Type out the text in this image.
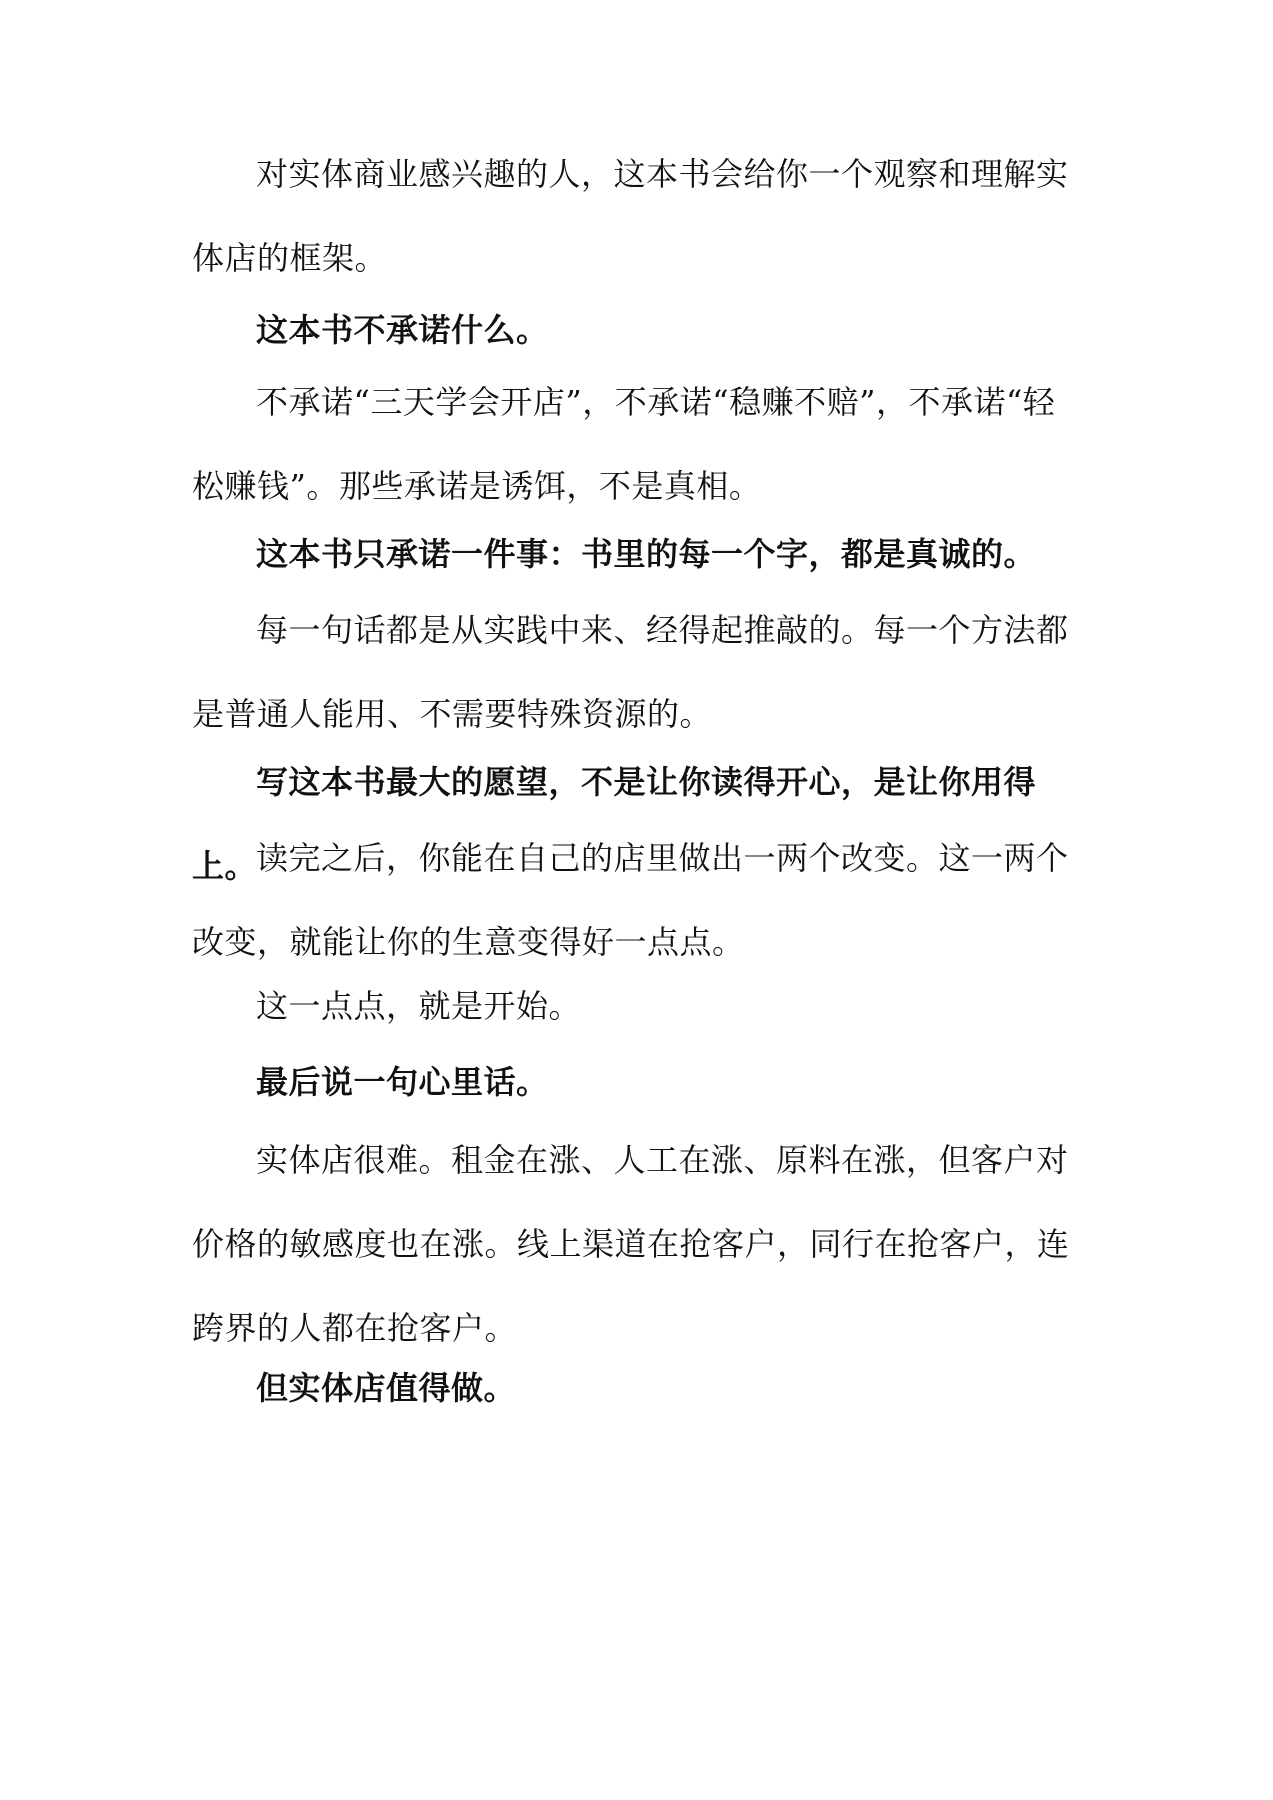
对实体商业感兴趣的人，这本书会给你一个观察和理解实体店的框架。

这本书不承诺什么。

不承诺“三天学会开店”，不承诺“稳赚不赔”，不承诺“轻松赚钱”。那些承诺是诱饵，不是真相。

这本书只承诺一件事：书里的每一个字，都是真诚的。

每一句话都是从实践中来、经得起推敲的。每一个方法都是普通人能用、不需要特殊资源的。

写这本书最大的愿望，不是让你读得开心，是让你用得上。

读完之后，你能在自己的店里做出一两个改变。这一两个改变，就能让你的生意变得好一点点。

这一点点，就是开始。

最后说一句心里话。

实体店很难。租金在涨、人工在涨、原料在涨，但客户对价格的敏感度也在涨。线上渠道在抢客户，同行在抢客户，连跨界的人都在抢客户。

但实体店值得做。
